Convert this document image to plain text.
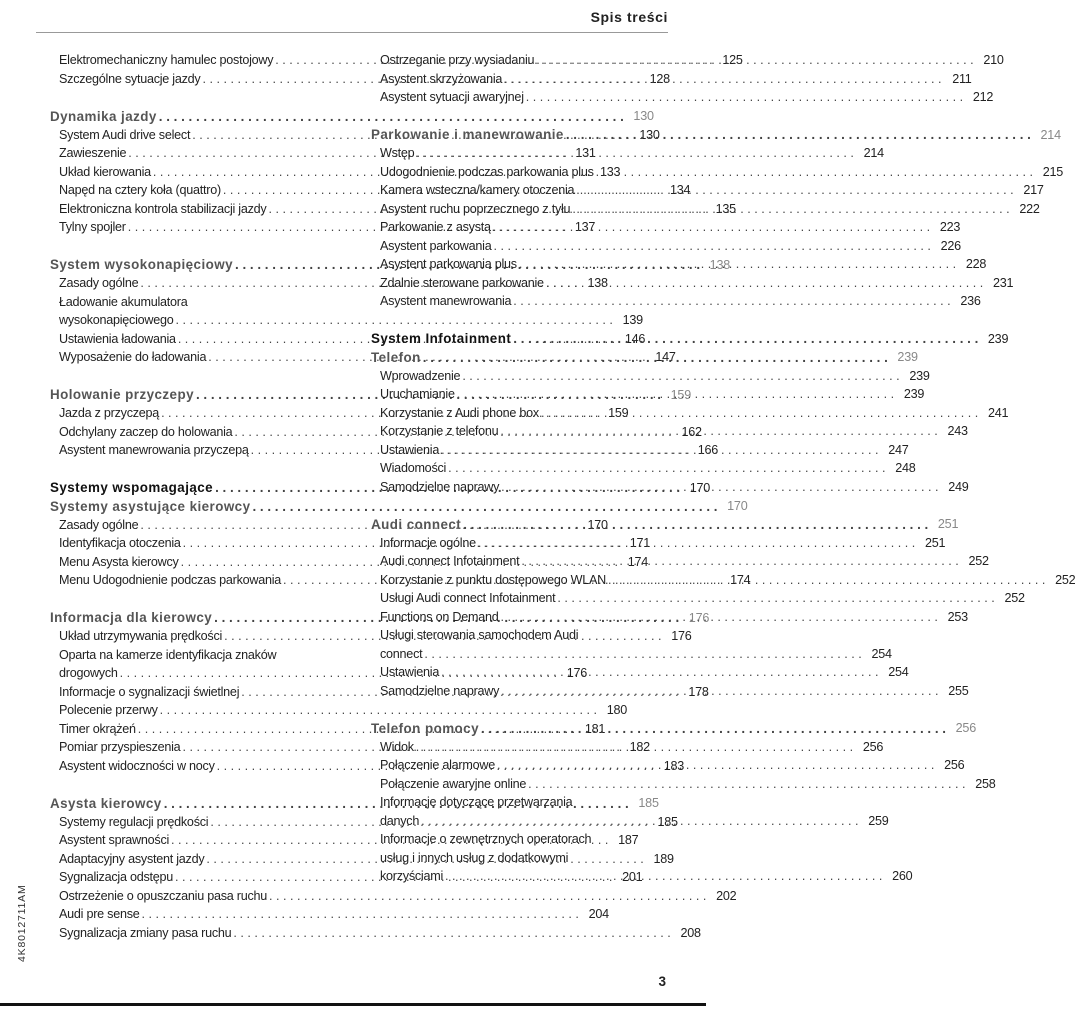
Spis treści
Elektromechaniczny hamulec postojowy . . .	125
Szczególne sytuacje jazdy . . .	128
Dynamika jazdy . . .	130
System Audi drive select . . .	130
Zawieszenie . . .	131
Układ kierowania . . .	133
Napęd na cztery koła (quattro) . . .	134
Elektroniczna kontrola stabilizacji jazdy . . .	135
Tylny spojler . . .	137
System wysokonapięciowy . . .	138
Zasady ogólne . . .	138
Ładowanie akumulatora
wysokonapięciowego . . .	139
Ustawienia ładowania . . .	146
Wyposażenie do ładowania . . .	147
Holowanie przyczepy . . .	159
Jazda z przyczepą . . .	159
Odchylany zaczep do holowania . . .	162
Asystent manewrowania przyczepą . . .	166
Systemy wspomagające . . .	170
Systemy asystujące kierowcy . . .	170
Zasady ogólne . . .	170
Identyfikacja otoczenia . . .	171
Menu Asysta kierowcy . . .	174
Menu Udogodnienie podczas parkowania . . .	174
Informacja dla kierowcy . . .	176
Układ utrzymywania prędkości . . .	176
Oparta na kamerze identyfikacja znaków
drogowych . . .	176
Informacje o sygnalizacji świetlnej . . .	178
Polecenie przerwy . . .	180
Timer okrążeń . . .	181
Pomiar przyspieszenia . . .	182
Asystent widoczności w nocy . . .	183
Asysta kierowcy . . .	185
Systemy regulacji prędkości . . .	185
Asystent sprawności . . .	187
Adaptacyjny asystent jazdy . . .	189
Sygnalizacja odstępu . . .	201
Ostrzeżenie o opuszczaniu pasa ruchu . . .	202
Audi pre sense . . .	204
Sygnalizacja zmiany pasa ruchu . . .	208
Ostrzeganie przy wysiadaniu . . .	210
Asystent skrzyżowania . . .	211
Asystent sytuacji awaryjnej . . .	212
Parkowanie i manewrowanie . . .	214
Wstęp . . .	214
Udogodnienie podczas parkowania plus . . .	215
Kamera wsteczna/kamery otoczenia . . .	217
Asystent ruchu poprzecznego z tyłu . . .	222
Parkowanie z asystą . . .	223
Asystent parkowania . . .	226
Asystent parkowania plus . . .	228
Zdalnie sterowane parkowanie . . .	231
Asystent manewrowania . . .	236
System Infotainment . . .	239
Telefon . . .	239
Wprowadzenie . . .	239
Uruchamianie . . .	239
Korzystanie z Audi phone box . . .	241
Korzystanie z telefonu . . .	243
Ustawienia . . .	247
Wiadomości . . .	248
Samodzielne naprawy . . .	249
Audi connect . . .	251
Informacje ogólne . . .	251
Audi connect Infotainment . . .	252
Korzystanie z punktu dostępowego WLAN . . .	252
Usługi Audi connect Infotainment . . .	252
Functions on Demand . . .	253
Usługi sterowania samochodem Audi
connect . . .	254
Ustawienia . . .	254
Samodzielne naprawy . . .	255
Telefon pomocy . . .	256
Widok . . .	256
Połączenie alarmowe . . .	256
Połączenie awaryjne online . . .	258
Informacje dotyczące przetwarzania
danych . . .	259
Informacje o zewnętrznych operatorach
usług i innych usług z dodatkowymi
korzyściami . . .	260
4K8012711AM
3
